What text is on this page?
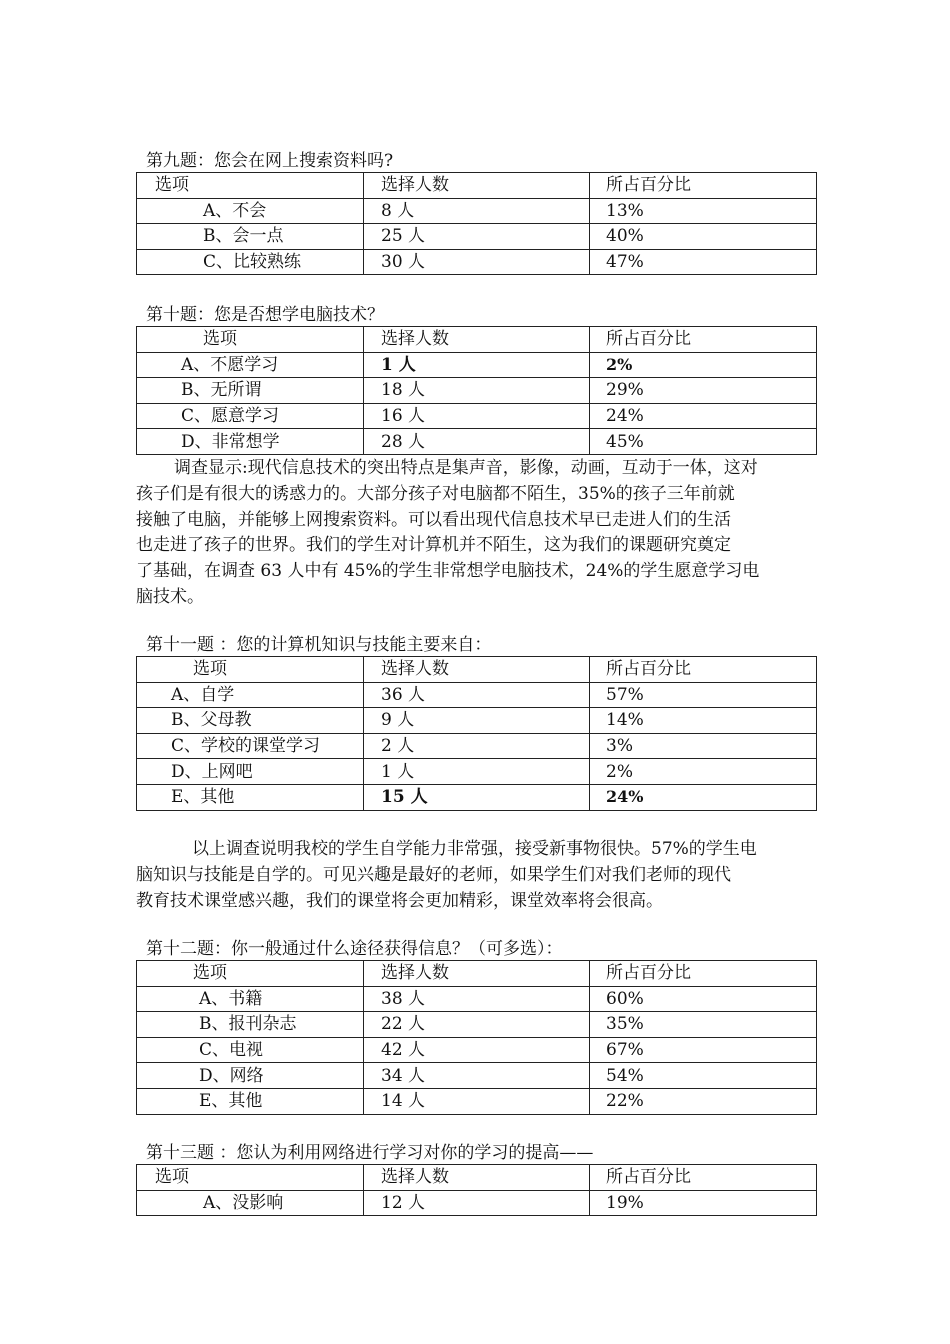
第九题：您会在网上搜索资料吗?
选项	选择人数	所占百分比
A、不会	8 人	13%
B、会一点	25 人	40%
C、比较熟练	30 人	47%
第十题：您是否想学电脑技术？
选项	选择人数	所占百分比
A、不愿学习	1 人	2%
B、无所谓	18 人	29%
C、愿意学习	16 人	24%
D、非常想学	28 人	45%
调查显示:现代信息技术的突出特点是集声音，影像，动画，互动于一体，这对
孩子们是有很大的诱惑力的。大部分孩子对电脑都不陌生，35%的孩子三年前就
接触了电脑，并能够上网搜索资料。可以看出现代信息技术早已走进人们的生活
也走进了孩子的世界。我们的学生对计算机并不陌生，这为我们的课题研究奠定
了基础，在调查 63 人中有 45%的学生非常想学电脑技术，24%的学生愿意学习电
脑技术。
第十一题 ：您的计算机知识与技能主要来自：
选项	选择人数	所占百分比
A、自学	36 人	57%
B、父母教	9 人	14%
C、学校的课堂学习	2 人	3%
D、上网吧	1 人	2%
E、其他	15 人	24%
以上调查说明我校的学生自学能力非常强，接受新事物很快。57%的学生电
脑知识与技能是自学的。可见兴趣是最好的老师，如果学生们对我们老师的现代
教育技术课堂感兴趣，我们的课堂将会更加精彩，课堂效率将会很高。
第十二题：你一般通过什么途径获得信息？（可多选）：
选项	选择人数	所占百分比
A、书籍	38 人	60%
B、报刊杂志	22 人	35%
C、电视	42 人	67%
D、网络	34 人	54%
E、其他	14 人	22%
第十三题 ：您认为利用网络进行学习对你的学习的提高——
选项	选择人数	所占百分比
A、没影响	12 人	19%
